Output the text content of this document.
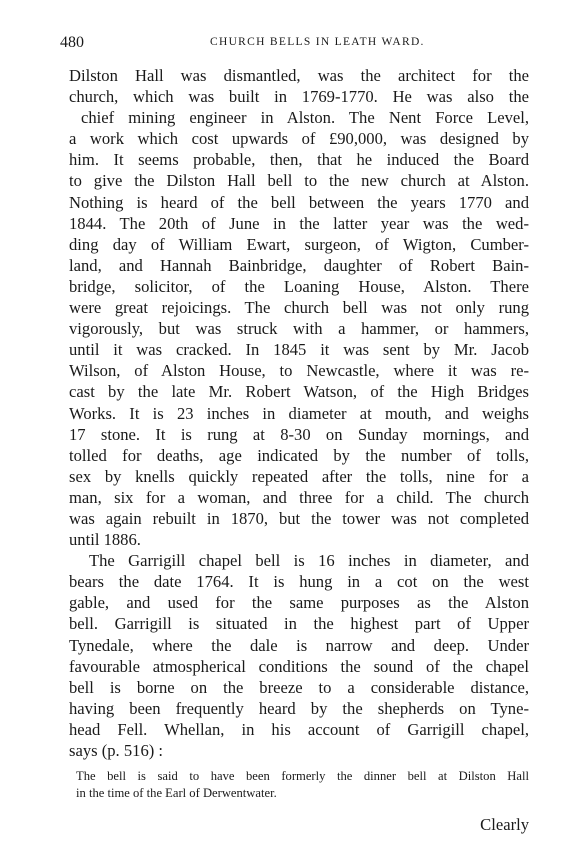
480	CHURCH BELLS IN LEATH WARD.
Dilston Hall was dismantled, was the architect for the
church, which was built in 1769-1770. He was also the
chief mining engineer in Alston. The Nent Force Level,
a work which cost upwards of £90,000, was designed by
him. It seems probable, then, that he induced the Board
to give the Dilston Hall bell to the new church at Alston.
Nothing is heard of the bell between the years 1770 and
1844. The 20th of June in the latter year was the wed-
ding day of William Ewart, surgeon, of Wigton, Cumber-
land, and Hannah Bainbridge, daughter of Robert Bain-
bridge, solicitor, of the Loaning House, Alston. There
were great rejoicings. The church bell was not only rung
vigorously, but was struck with a hammer, or hammers,
until it was cracked. In 1845 it was sent by Mr. Jacob
Wilson, of Alston House, to Newcastle, where it was re-
cast by the late Mr. Robert Watson, of the High Bridges
Works. It is 23 inches in diameter at mouth, and weighs
17 stone. It is rung at 8-30 on Sunday mornings, and
tolled for deaths, age indicated by the number of tolls,
sex by knells quickly repeated after the tolls, nine for a
man, six for a woman, and three for a child. The church
was again rebuilt in 1870, but the tower was not completed
until 1886.
The Garrigill chapel bell is 16 inches in diameter, and
bears the date 1764. It is hung in a cot on the west
gable, and used for the same purposes as the Alston
bell. Garrigill is situated in the highest part of Upper
Tynedale, where the dale is narrow and deep. Under
favourable atmospherical conditions the sound of the chapel
bell is borne on the breeze to a considerable distance,
having been frequently heard by the shepherds on Tyne-
head Fell. Whellan, in his account of Garrigill chapel,
says (p. 516) :
The bell is said to have been formerly the dinner bell at Dilston Hall
in the time of the Earl of Derwentwater.
Clearly
